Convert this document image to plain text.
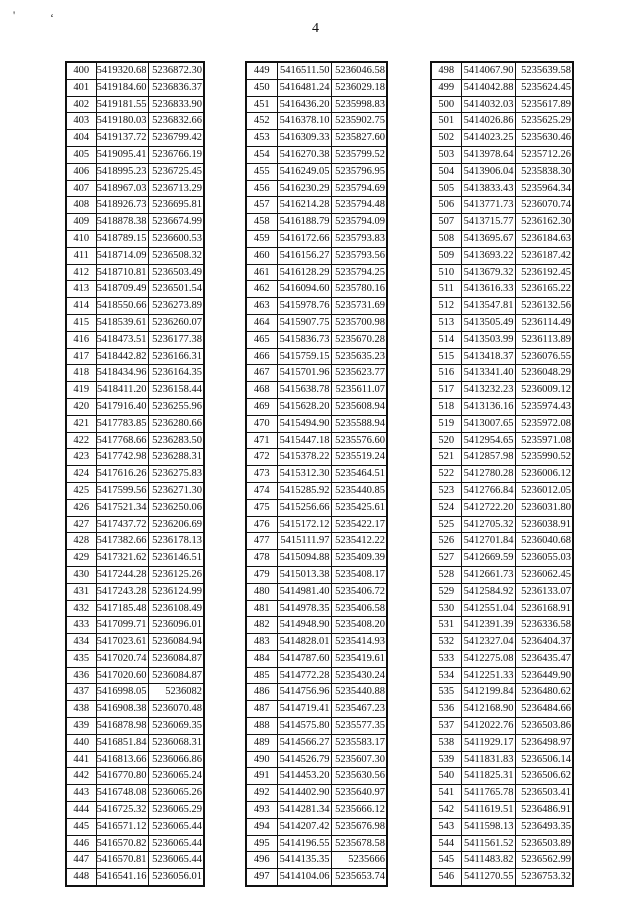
'	‘
4
400	5419320.68	5236872.30
401	5419184.60	5236836.37
402	5419181.55	5236833.90
403	5419180.03	5236832.66
404	5419137.72	5236799.42
405	5419095.41	5236766.19
406	5418995.23	5236725.45
407	5418967.03	5236713.29
408	5418926.73	5236695.81
409	5418878.38	5236674.99
410	5418789.15	5236600.53
411	5418714.09	5236508.32
412	5418710.81	5236503.49
413	5418709.49	5236501.54
414	5418550.66	5236273.89
415	5418539.61	5236260.07
416	5418473.51	5236177.38
417	5418442.82	5236166.31
418	5418434.96	5236164.35
419	5418411.20	5236158.44
420	5417916.40	5236255.96
421	5417783.85	5236280.66
422	5417768.66	5236283.50
423	5417742.98	5236288.31
424	5417616.26	5236275.83
425	5417599.56	5236271.30
426	5417521.34	5236250.06
427	5417437.72	5236206.69
428	5417382.66	5236178.13
429	5417321.62	5236146.51
430	5417244.28	5236125.26
431	5417243.28	5236124.99
432	5417185.48	5236108.49
433	5417099.71	5236096.01
434	5417023.61	5236084.94
435	5417020.74	5236084.87
436	5417020.60	5236084.87
437	5416998.05	5236082
438	5416908.38	5236070.48
439	5416878.98	5236069.35
440	5416851.84	5236068.31
441	5416813.66	5236066.86
442	5416770.80	5236065.24
443	5416748.08	5236065.26
444	5416725.32	5236065.29
445	5416571.12	5236065.44
446	5416570.82	5236065.44
447	5416570.81	5236065.44
448	5416541.16	5236056.01
449	5416511.50	5236046.58
450	5416481.24	5236029.18
451	5416436.20	5235998.83
452	5416378.10	5235902.75
453	5416309.33	5235827.60
454	5416270.38	5235799.52
455	5416249.05	5235796.95
456	5416230.29	5235794.69
457	5416214.28	5235794.48
458	5416188.79	5235794.09
459	5416172.66	5235793.83
460	5416156.27	5235793.56
461	5416128.29	5235794.25
462	5416094.60	5235780.16
463	5415978.76	5235731.69
464	5415907.75	5235700.98
465	5415836.73	5235670.28
466	5415759.15	5235635.23
467	5415701.96	5235623.77
468	5415638.78	5235611.07
469	5415628.20	5235608.94
470	5415494.90	5235588.94
471	5415447.18	5235576.60
472	5415378.22	5235519.24
473	5415312.30	5235464.51
474	5415285.92	5235440.85
475	5415256.66	5235425.61
476	5415172.12	5235422.17
477	5415111.97	5235412.22
478	5415094.88	5235409.39
479	5415013.38	5235408.17
480	5414981.40	5235406.72
481	5414978.35	5235406.58
482	5414948.90	5235408.20
483	5414828.01	5235414.93
484	5414787.60	5235419.61
485	5414772.28	5235430.24
486	5414756.96	5235440.88
487	5414719.41	5235467.23
488	5414575.80	5235577.35
489	5414566.27	5235583.17
490	5414526.79	5235607.30
491	5414453.20	5235630.56
492	5414402.90	5235640.97
493	5414281.34	5235666.12
494	5414207.42	5235676.98
495	5414196.55	5235678.58
496	5414135.35	5235666
497	5414104.06	5235653.74
498	5414067.90	5235639.58
499	5414042.88	5235624.45
500	5414032.03	5235617.89
501	5414026.86	5235625.29
502	5414023.25	5235630.46
503	5413978.64	5235712.26
504	5413906.04	5235838.30
505	5413833.43	5235964.34
506	5413771.73	5236070.74
507	5413715.77	5236162.30
508	5413695.67	5236184.63
509	5413693.22	5236187.42
510	5413679.32	5236192.45
511	5413616.33	5236165.22
512	5413547.81	5236132.56
513	5413505.49	5236114.49
514	5413503.99	5236113.89
515	5413418.37	5236076.55
516	5413341.40	5236048.29
517	5413232.23	5236009.12
518	5413136.16	5235974.43
519	5413007.65	5235972.08
520	5412954.65	5235971.08
521	5412857.98	5235990.52
522	5412780.28	5236006.12
523	5412766.84	5236012.05
524	5412722.20	5236031.80
525	5412705.32	5236038.91
526	5412701.84	5236040.68
527	5412669.59	5236055.03
528	5412661.73	5236062.45
529	5412584.92	5236133.07
530	5412551.04	5236168.91
531	5412391.39	5236336.58
532	5412327.04	5236404.37
533	5412275.08	5236435.47
534	5412251.33	5236449.90
535	5412199.84	5236480.62
536	5412168.90	5236484.66
537	5412022.76	5236503.86
538	5411929.17	5236498.97
539	5411831.83	5236506.14
540	5411825.31	5236506.62
541	5411765.78	5236503.41
542	5411619.51	5236486.91
543	5411598.13	5236493.35
544	5411561.52	5236503.89
545	5411483.82	5236562.99
546	5411270.55	5236753.32
